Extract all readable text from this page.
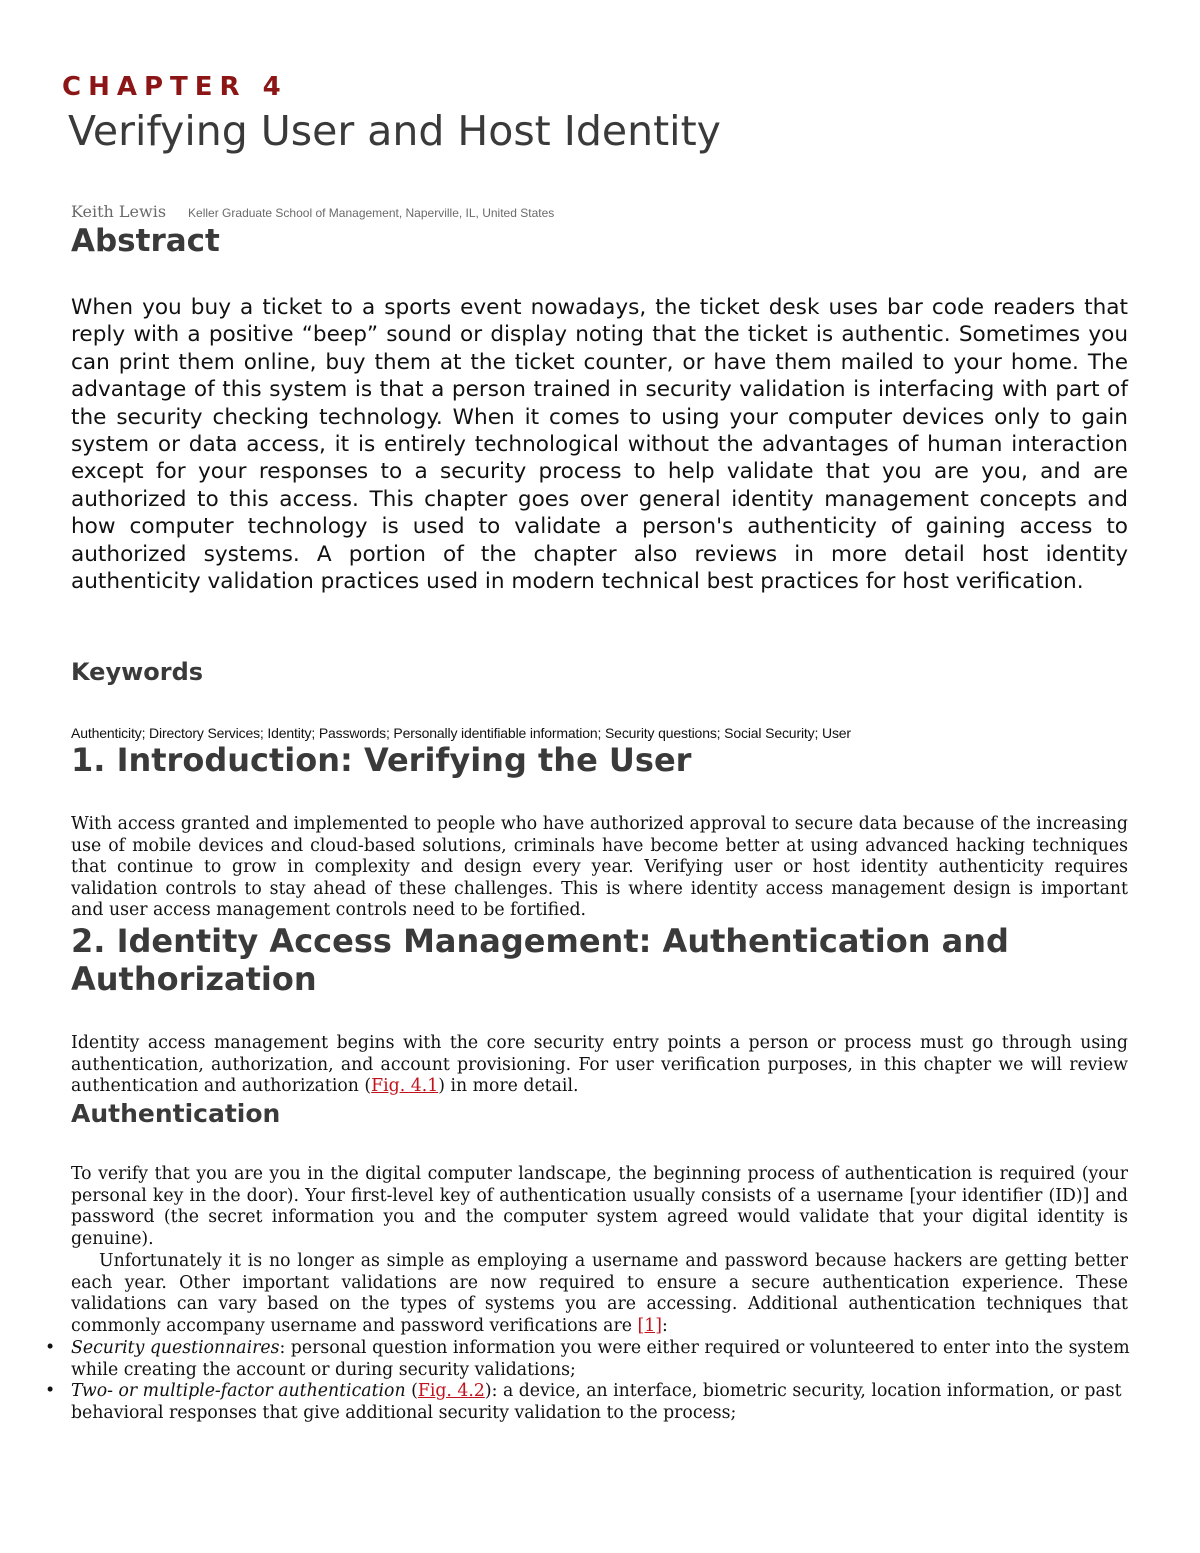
CHAPTER 4
Verifying User and Host Identity
Keith Lewis Keller Graduate School of Management, Naperville, IL, United States
Abstract

When you buy a ticket to a sports event nowadays, the ticket desk uses bar code readers that reply with a positive “beep” sound or display noting that the ticket is authentic. Sometimes you can print them online, buy them at the ticket counter, or have them mailed to your home. The advantage of this system is that a person trained in security validation is interfacing with part of the security checking technology. When it comes to using your computer devices only to gain system or data access, it is entirely technological without the advantages of human interaction except for your responses to a security process to help validate that you are you, and are authorized to this access. This chapter goes over general identity management concepts and how computer technology is used to validate a person's authenticity of gaining access to authorized systems. A portion of the chapter also reviews in more detail host identity authenticity validation practices used in modern technical best practices for host verification.

Keywords
Authenticity; Directory Services; Identity; Passwords; Personally identifiable information; Security questions; Social Security; User
1. Introduction: Verifying the User

With access granted and implemented to people who have authorized approval to secure data because of the increasing use of mobile devices and cloud-based solutions, criminals have become better at using advanced hacking techniques that continue to grow in complexity and design every year. Verifying user or host identity authenticity requires validation controls to stay ahead of these challenges. This is where identity access management design is important and user access management controls need to be fortified.

2. Identity Access Management: Authentication and
Authorization

Identity access management begins with the core security entry points a person or process must go through using authentication, authorization, and account provisioning. For user verification purposes, in this chapter we will review authentication and authorization (Fig. 4.1) in more detail.

Authentication

To verify that you are you in the digital computer landscape, the beginning process of authentication is required (your personal key in the door). Your first-level key of authentication usually consists of a username [your identifier (ID)] and password (the secret information you and the computer system agreed would validate that your digital identity is genuine).

Unfortunately it is no longer as simple as employing a username and password because hackers are getting better each year. Other important validations are now required to ensure a secure authentication experience. These validations can vary based on the types of systems you are accessing. Additional authentication techniques that commonly accompany username and password verifications are [1]:

• Security questionnaires: personal question information you were either required or volunteered to enter into the system while creating the account or during security validations;
• Two- or multiple-factor authentication (Fig. 4.2): a device, an interface, biometric security, location information, or past behavioral responses that give additional security validation to the process;
